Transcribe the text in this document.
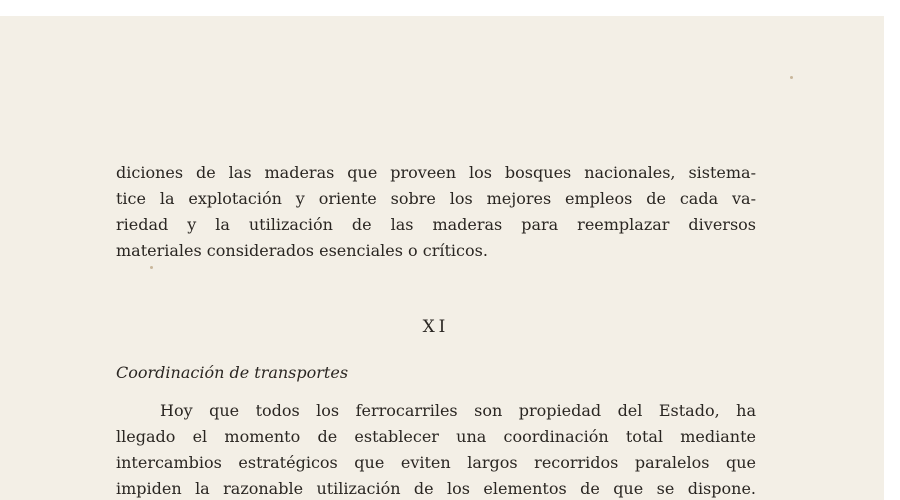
diciones de las maderas que proveen los bosques nacionales, sistema-
tice la explotación y oriente sobre los mejores empleos de cada va-
riedad y la utilización de las maderas para reemplazar diversos
materiales considerados esenciales o críticos.

XI
Coordinación de transportes

Hoy que todos los ferrocarriles son propiedad del Estado, ha
llegado el momento de establecer una coordinación total mediante
intercambios estratégicos que eviten largos recorridos paralelos que
impiden la razonable utilización de los elementos de que se dispone.
